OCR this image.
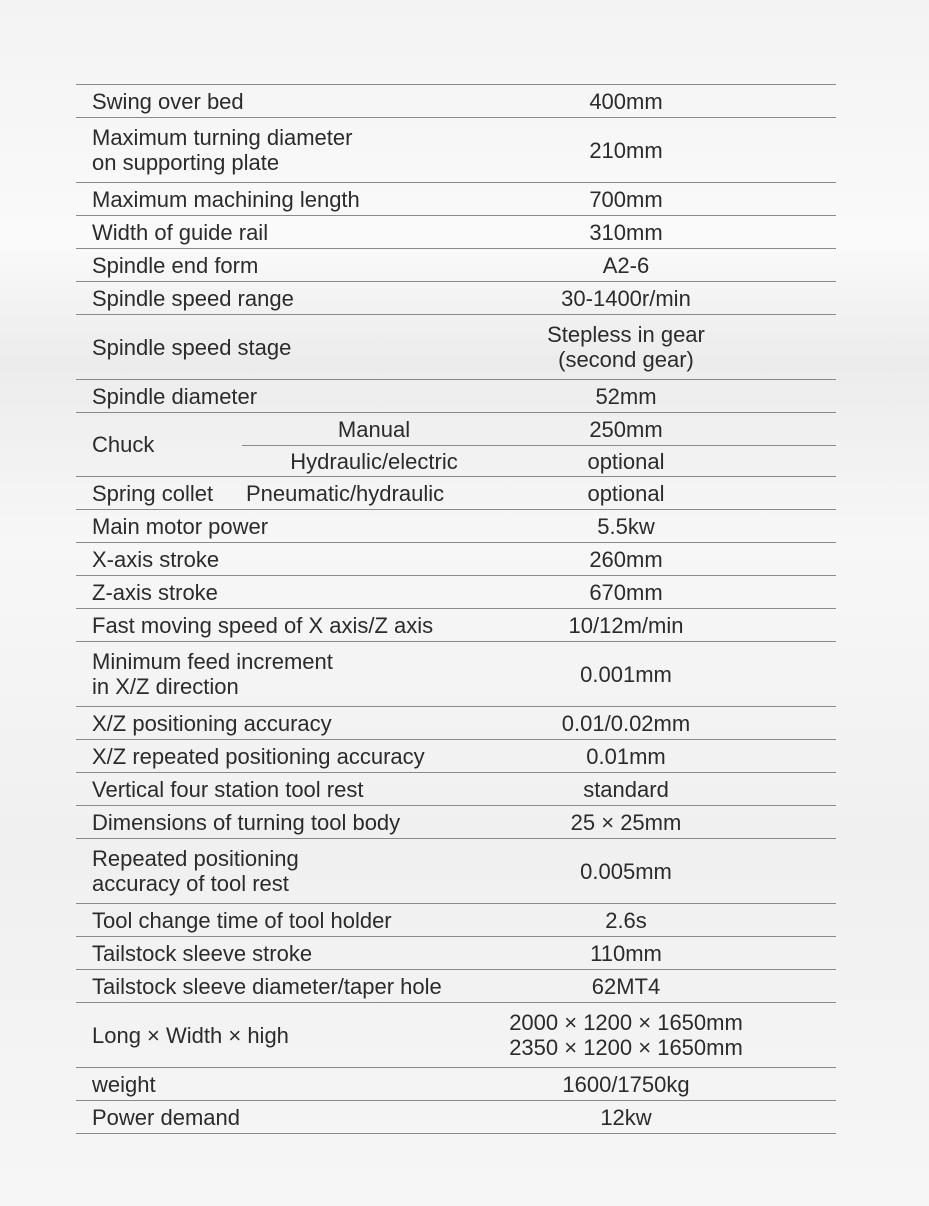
Swing over bed	400mm
Maximum turning diameter
on supporting plate	210mm
Maximum machining length	700mm
Width of guide rail	310mm
Spindle end form	A2-6
Spindle speed range	30-1400r/min
Spindle speed stage	Stepless in gear
(second gear)
Spindle diameter	52mm
Chuck
Manual	250mm
Hydraulic/electric	optional
Spring collet	Pneumatic/hydraulic	optional
Main motor power	5.5kw
X-axis stroke	260mm
Z-axis stroke	670mm
Fast moving speed of X axis/Z axis	10/12m/min
Minimum feed increment
in X/Z direction	0.001mm
X/Z positioning accuracy	0.01/0.02mm
X/Z repeated positioning accuracy	0.01mm
Vertical four station tool rest	standard
Dimensions of turning tool body	25 × 25mm
Repeated positioning
accuracy of tool rest	0.005mm
Tool change time of tool holder	2.6s
Tailstock sleeve stroke	110mm
Tailstock sleeve diameter/taper hole	62MT4
Long × Width × high	2000 × 1200 × 1650mm
2350 × 1200 × 1650mm
weight	1600/1750kg
Power demand	12kw
